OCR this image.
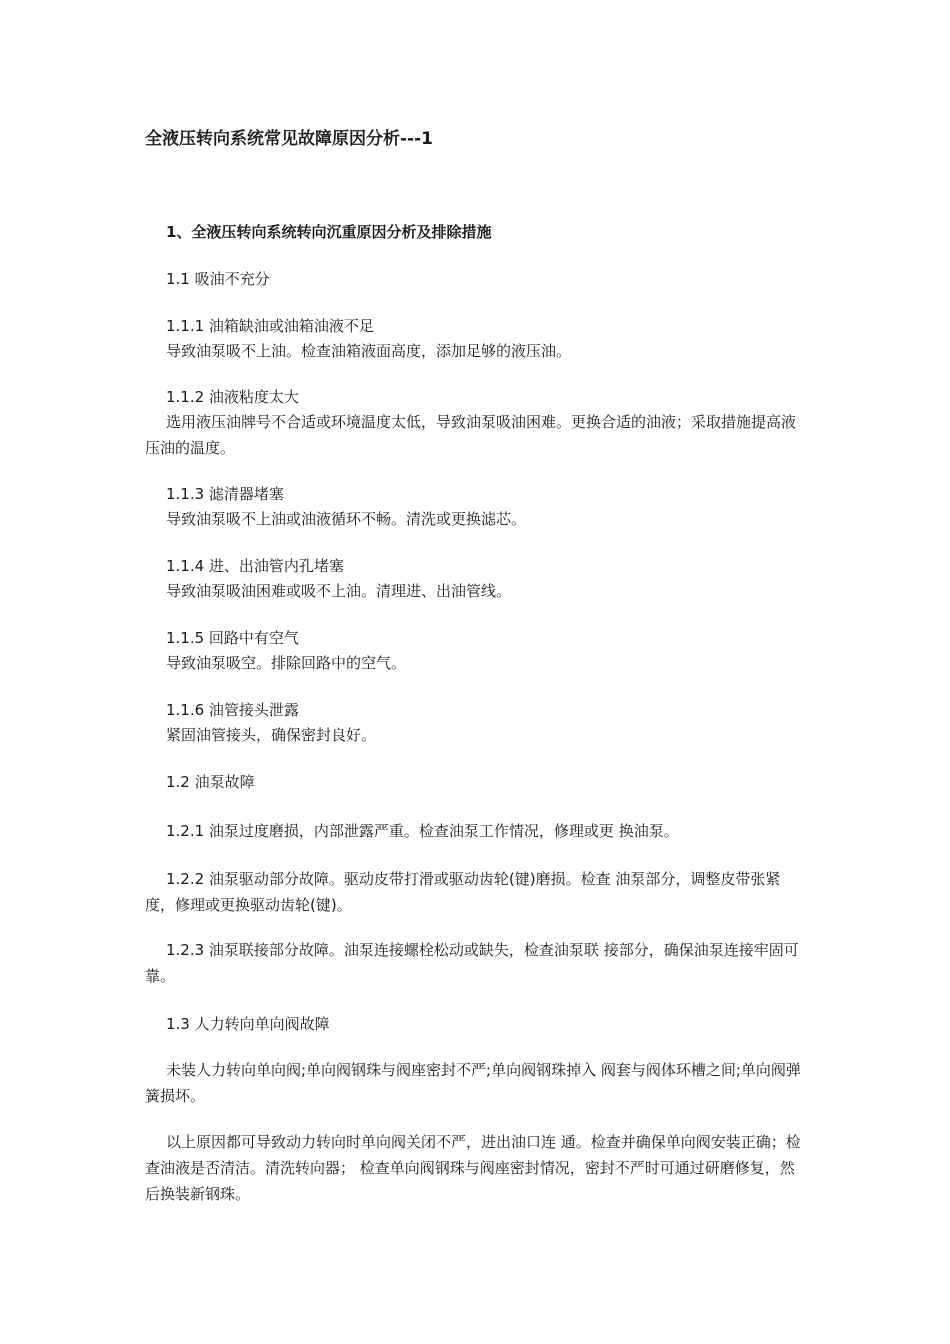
全液压转向系统常见故障原因分析---1
1、全液压转向系统转向沉重原因分析及排除措施
1.1 吸油不充分
1.1.1 油箱缺油或油箱油液不足
导致油泵吸不上油。检查油箱液面高度，添加足够的液压油。
1.1.2 油液粘度太大
选用液压油牌号不合适或环境温度太低，导致油泵吸油困难。更换合适的油液；采取措施提高液压油的温度。
1.1.3 滤清器堵塞
导致油泵吸不上油或油液循环不畅。清洗或更换滤芯。
1.1.4 进、出油管内孔堵塞
导致油泵吸油困难或吸不上油。清理进、出油管线。
1.1.5 回路中有空气
导致油泵吸空。排除回路中的空气。
1.1.6 油管接头泄露
紧固油管接头，确保密封良好。
1.2 油泵故障
1.2.1 油泵过度磨损，内部泄露严重。检查油泵工作情况，修理或更 换油泵。
1.2.2 油泵驱动部分故障。驱动皮带打滑或驱动齿轮(键)磨损。检查 油泵部分，调整皮带张紧度，修理或更换驱动齿轮(键)。
1.2.3 油泵联接部分故障。油泵连接螺栓松动或缺失，检查油泵联 接部分，确保油泵连接牢固可靠。
1.3 人力转向单向阀故障
未装人力转向单向阀;单向阀钢珠与阀座密封不严;单向阀钢珠掉入 阀套与阀体环槽之间;单向阀弹簧损坏。
以上原因都可导致动力转向时单向阀关闭不严，进出油口连 通。检查并确保单向阀安装正确；检查油液是否清洁。清洗转向器； 检查单向阀钢珠与阀座密封情况，密封不严时可通过研磨修复，然 后换装新钢珠。
